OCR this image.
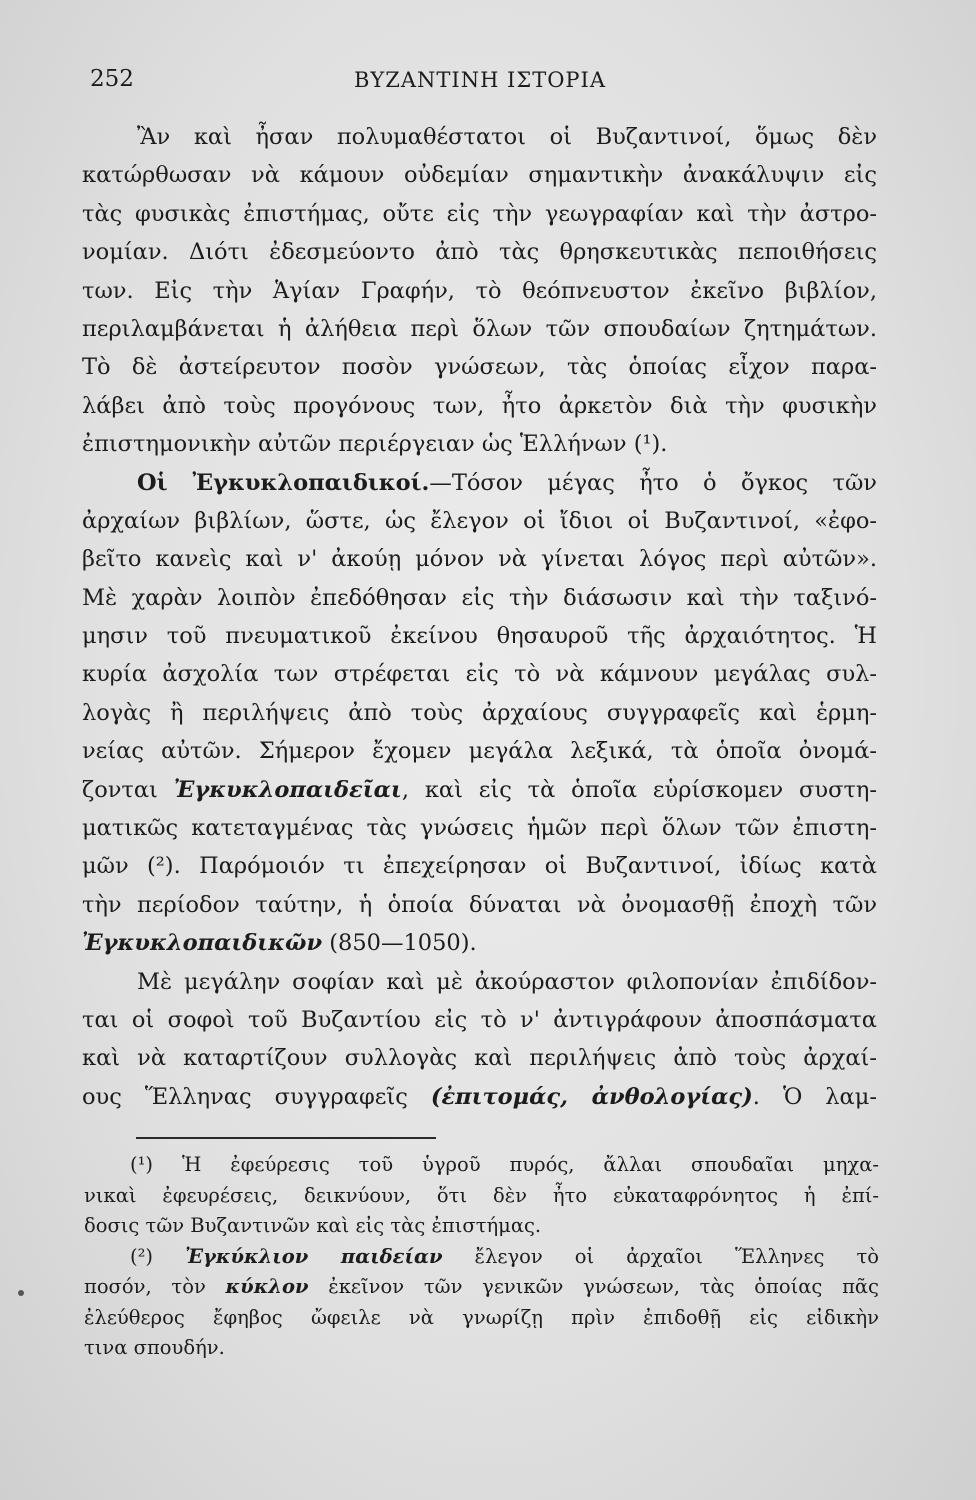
252	ΒΥΖΑΝΤΙΝΗ ΙΣΤΟΡΙΑ
Ἂν καὶ ἦσαν πολυμαθέστατοι οἱ Βυζαντινοί, ὅμως δὲν
κατώρθωσαν νὰ κάμουν οὐδεμίαν σημαντικὴν ἀνακάλυψιν εἰς
τὰς φυσικὰς ἐπιστήμας, οὔτε εἰς τὴν γεωγραφίαν καὶ τὴν ἀστρο-
νομίαν. Διότι ἐδεσμεύοντο ἀπὸ τὰς θρησκευτικὰς πεποιθήσεις
των. Εἰς τὴν Ἁγίαν Γραφήν, τὸ θεόπνευστον ἐκεῖνο βιβλίον,
περιλαμβάνεται ἡ ἀλήθεια περὶ ὅλων τῶν σπουδαίων ζητημάτων.
Τὸ δὲ ἀστείρευτον ποσὸν γνώσεων, τὰς ὁποίας εἶχον παρα-
λάβει ἀπὸ τοὺς προγόνους των, ἦτο ἀρκετὸν διὰ τὴν φυσικὴν
ἐπιστημονικὴν αὐτῶν περιέργειαν ὡς Ἑλλήνων (¹).
Οἱ Ἐγκυκλοπαιδικοί.—Τόσον μέγας ἦτο ὁ ὄγκος τῶν
ἀρχαίων βιβλίων, ὥστε, ὡς ἔλεγον οἱ ἴδιοι οἱ Βυζαντινοί, «ἐφο-
βεῖτο κανεὶς καὶ ν' ἀκούῃ μόνον νὰ γίνεται λόγος περὶ αὐτῶν».
Μὲ χαρὰν λοιπὸν ἐπεδόθησαν εἰς τὴν διάσωσιν καὶ τὴν ταξινό-
μησιν τοῦ πνευματικοῦ ἐκείνου θησαυροῦ τῆς ἀρχαιότητος. Ἡ
κυρία ἀσχολία των στρέφεται εἰς τὸ νὰ κάμνουν μεγάλας συλ-
λογὰς ἢ περιλήψεις ἀπὸ τοὺς ἀρχαίους συγγραφεῖς καὶ ἑρμη-
νείας αὐτῶν. Σήμερον ἔχομεν μεγάλα λεξικά, τὰ ὁποῖα ὀνομά-
ζονται Ἐγκυκλοπαιδεῖαι, καὶ εἰς τὰ ὁποῖα εὑρίσκομεν συστη-
ματικῶς κατεταγμένας τὰς γνώσεις ἡμῶν περὶ ὅλων τῶν ἐπιστη-
μῶν (²). Παρόμοιόν τι ἐπεχείρησαν οἱ Βυζαντινοί, ἰδίως κατὰ
τὴν περίοδον ταύτην, ἡ ὁποία δύναται νὰ ὀνομασθῇ ἐποχὴ τῶν
Ἐγκυκλοπαιδικῶν (850—1050).
Μὲ μεγάλην σοφίαν καὶ μὲ ἀκούραστον φιλοπονίαν ἐπιδίδον-
ται οἱ σοφοὶ τοῦ Βυζαντίου εἰς τὸ ν' ἀντιγράφουν ἀποσπάσματα
καὶ νὰ καταρτίζουν συλλογὰς καὶ περιλήψεις ἀπὸ τοὺς ἀρχαί-
ους Ἕλληνας συγγραφεῖς (ἐπιτομάς, ἀνθολογίας). Ὁ λαμ-
(¹) Ἡ ἐφεύρεσις τοῦ ὑγροῦ πυρός, ἄλλαι σπουδαῖαι μηχα-
νικαὶ ἐφευρέσεις, δεικνύουν, ὅτι δὲν ἦτο εὐκαταφρόνητος ἡ ἐπί-
δοσις τῶν Βυζαντινῶν καὶ εἰς τὰς ἐπιστήμας.
(²) Ἐγκύκλιον παιδείαν ἔλεγον οἱ ἀρχαῖοι Ἕλληνες τὸ
ποσόν, τὸν κύκλον ἐκεῖνον τῶν γενικῶν γνώσεων, τὰς ὁποίας πᾶς
ἐλεύθερος ἔφηβος ὤφειλε νὰ γνωρίζῃ πρὶν ἐπιδοθῇ εἰς εἰδικὴν
τινα σπουδήν.
